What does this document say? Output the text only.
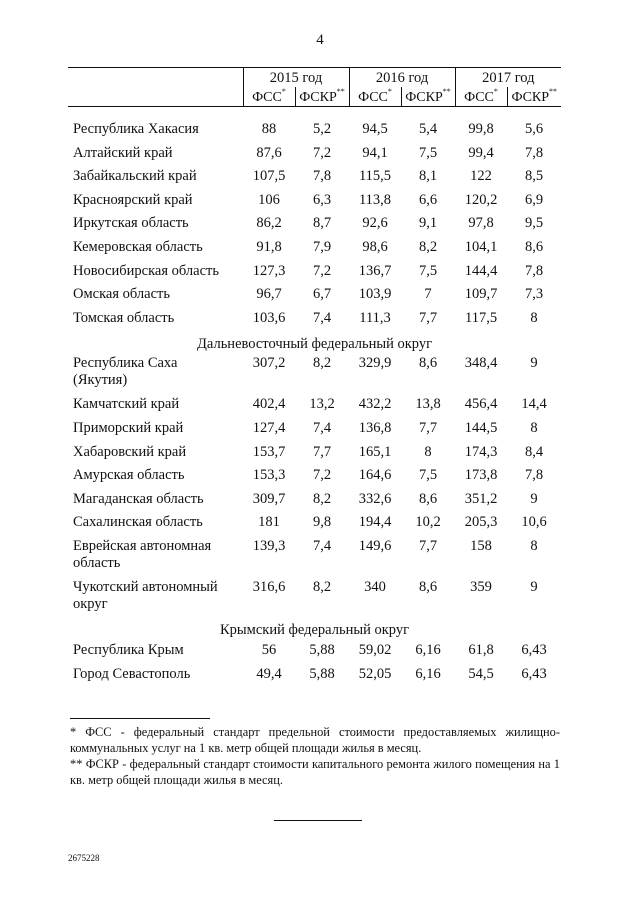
4
	2015 год		2016 год		2017 год	
	ФСС*	ФСКР**	ФСС*	ФСКР**	ФСС*	ФСКР**

Республика Хакасия	88	5,2	94,5	5,4	99,8	5,6
Алтайский край	87,6	7,2	94,1	7,5	99,4	7,8
Забайкальский край	107,5	7,8	115,5	8,1	122	8,5
Красноярский край	106	6,3	113,8	6,6	120,2	6,9
Иркутская область	86,2	8,7	92,6	9,1	97,8	9,5
Кемеровская область	91,8	7,9	98,6	8,2	104,1	8,6
Новосибирская область	127,3	7,2	136,7	7,5	144,4	7,8
Омская область	96,7	6,7	103,9	7	109,7	7,3
Томская область	103,6	7,4	111,3	7,7	117,5	8
Дальневосточный федеральный округ						
Республика Саха
(Якутия)	307,2	8,2	329,9	8,6	348,4	9
Камчатский край	402,4	13,2	432,2	13,8	456,4	14,4
Приморский край	127,4	7,4	136,8	7,7	144,5	8
Хабаровский край	153,7	7,7	165,1	8	174,3	8,4
Амурская область	153,3	7,2	164,6	7,5	173,8	7,8
Магаданская область	309,7	8,2	332,6	8,6	351,2	9
Сахалинская область	181	9,8	194,4	10,2	205,3	10,6
Еврейская автономная
область	139,3	7,4	149,6	7,7	158	8
Чукотский автономный
округ	316,6	8,2	340	8,6	359	9
Крымский федеральный округ						
Республика Крым	56	5,88	59,02	6,16	61,8	6,43
Город Севастополь	49,4	5,88	52,05	6,16	54,5	6,43

* ФСС - федеральный стандарт предельной стоимости предоставляемых жилищно-коммунальных услуг на 1 кв. метр общей площади жилья в месяц.

** ФСКР - федеральный стандарт стоимости капитального ремонта жилого помещения на 1 кв. метр общей площади жилья в месяц.

2675228
